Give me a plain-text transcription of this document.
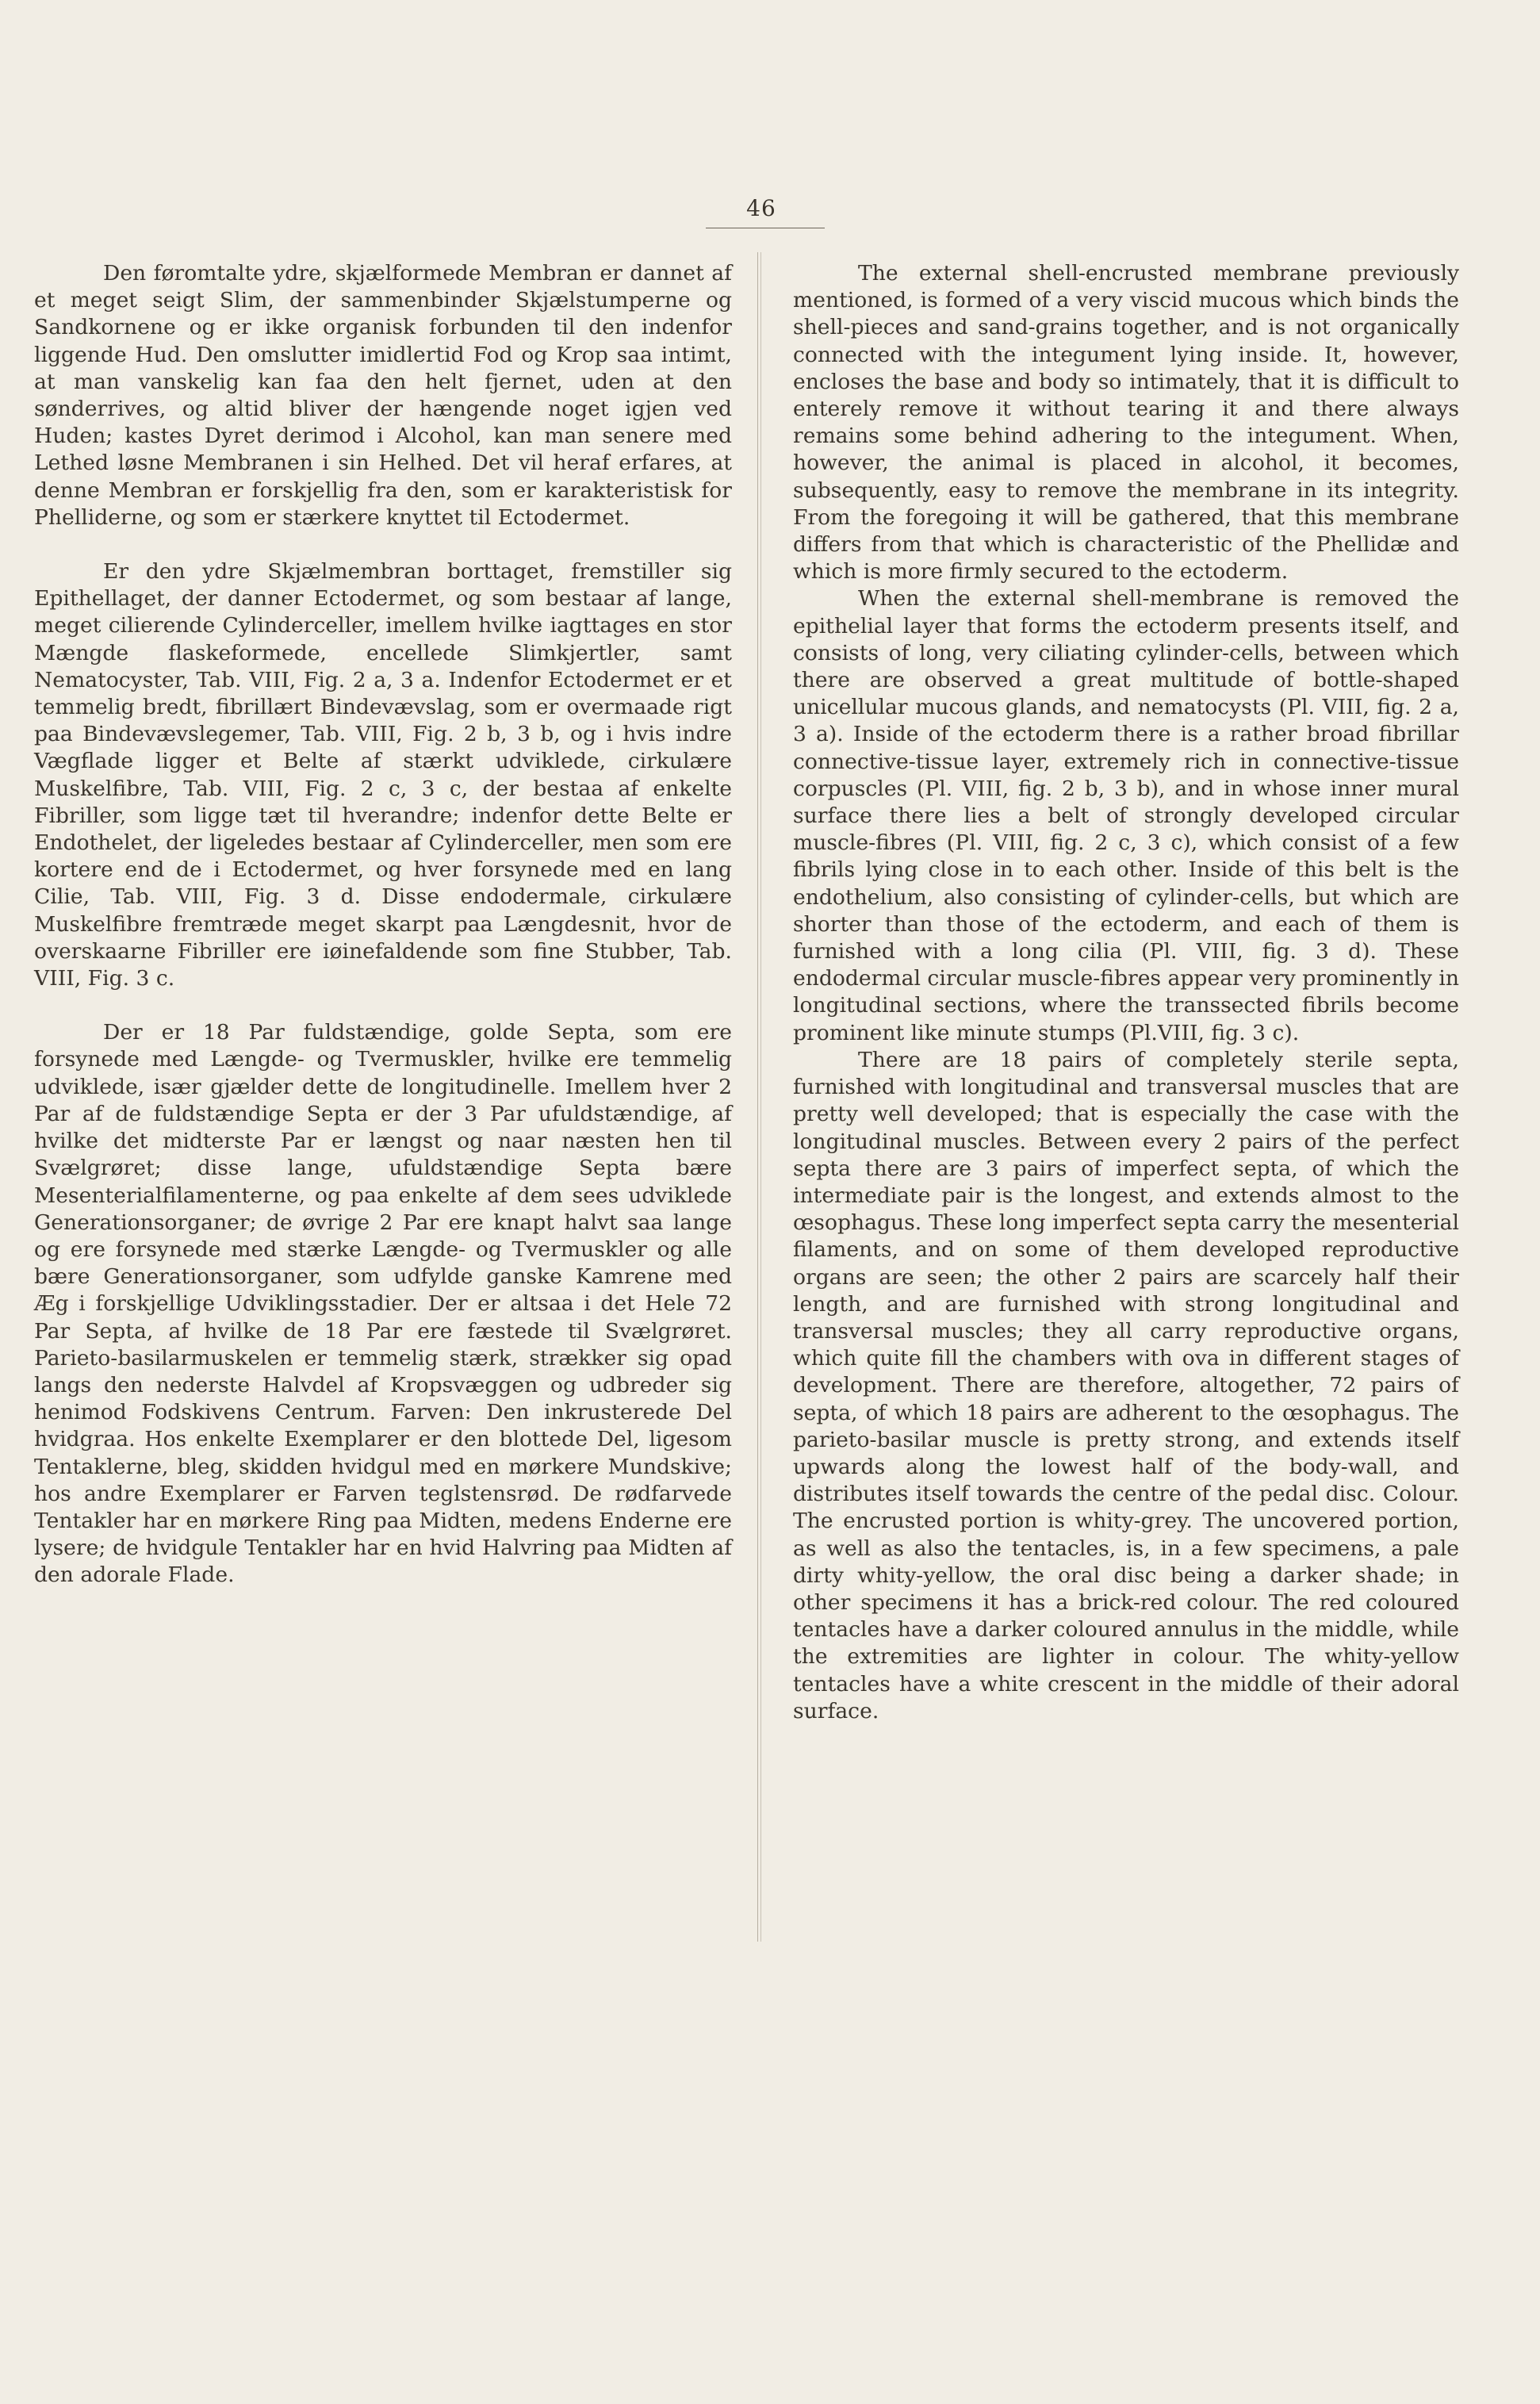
46

Den føromtalte ydre, skjælformede Membran er dannet af et meget seigt Slim, der sammenbinder Skjælstumperne og Sandkornene og er ikke organisk forbunden til den indenfor liggende Hud. Den omslutter imidlertid Fod og Krop saa intimt, at man vanskelig kan faa den helt fjernet, uden at den sønderrives, og altid bliver der hængende noget igjen ved Huden; kastes Dyret derimod i Alcohol, kan man senere med Lethed løsne Membranen i sin Helhed. Det vil heraf erfares, at denne Membran er forskjellig fra den, som er karakteristisk for Phelliderne, og som er stærkere knyttet til Ectodermet.

Er den ydre Skjælmembran borttaget, fremstiller sig Epithellaget, der danner Ectodermet, og som bestaar af lange, meget cilierende Cylinderceller, imellem hvilke iagttages en stor Mængde flaskeformede, encellede Slimkjertler, samt Nematocyster, Tab. VIII, Fig. 2 a, 3 a. Indenfor Ectodermet er et temmelig bredt, fibrillært Bindevævslag, som er overmaade rigt paa Bindevævslegemer, Tab. VIII, Fig. 2 b, 3 b, og i hvis indre Vægflade ligger et Belte af stærkt udviklede, cirkulære Muskelfibre, Tab. VIII, Fig. 2 c, 3 c, der bestaa af enkelte Fibriller, som ligge tæt til hverandre; indenfor dette Belte er Endothelet, der ligeledes bestaar af Cylinderceller, men som ere kortere end de i Ectodermet, og hver forsynede med en lang Cilie, Tab. VIII, Fig. 3 d. Disse endodermale, cirkulære Muskelfibre fremtræde meget skarpt paa Længdesnit, hvor de overskaarne Fibriller ere iøinefaldende som fine Stubber, Tab. VIII, Fig. 3 c.

Der er 18 Par fuldstændige, golde Septa, som ere forsynede med Længde- og Tvermuskler, hvilke ere temmelig udviklede, især gjælder dette de longitudinelle. Imellem hver 2 Par af de fuldstændige Septa er der 3 Par ufuldstændige, af hvilke det midterste Par er længst og naar næsten hen til Svælgrøret; disse lange, ufuldstændige Septa bære Mesenterialfilamenterne, og paa enkelte af dem sees udviklede Generationsorganer; de øvrige 2 Par ere knapt halvt saa lange og ere forsynede med stærke Længde- og Tvermuskler og alle bære Generationsorganer, som udfylde ganske Kamrene med Æg i forskjellige Udviklingsstadier. Der er altsaa i det Hele 72 Par Septa, af hvilke de 18 Par ere fæstede til Svælgrøret. Parieto-basilarmuskelen er temmelig stærk, strækker sig opad langs den nederste Halvdel af Kropsvæggen og udbreder sig henimod Fodskivens Centrum. Farven: Den inkrusterede Del hvidgraa. Hos enkelte Exemplarer er den blottede Del, ligesom Tentaklerne, bleg, skidden hvidgul med en mørkere Mundskive; hos andre Exemplarer er Farven teglstensrød. De rødfarvede Tentakler har en mørkere Ring paa Midten, medens Enderne ere lysere; de hvidgule Tentakler har en hvid Halvring paa Midten af den adorale Flade.

The external shell-encrusted membrane previously mentioned, is formed of a very viscid mucous which binds the shell-pieces and sand-grains together, and is not organically connected with the integument lying inside. It, however, encloses the base and body so intimately, that it is difficult to enterely remove it without tearing it and there always remains some behind adhering to the integument. When, however, the animal is placed in alcohol, it becomes, subsequently, easy to remove the membrane in its integrity. From the foregoing it will be gathered, that this membrane differs from that which is characteristic of the Phellidæ and which is more firmly secured to the ectoderm.

When the external shell-membrane is removed the epithelial layer that forms the ectoderm presents itself, and consists of long, very ciliating cylinder-cells, between which there are observed a great multitude of bottle-shaped unicellular mucous glands, and nematocysts (Pl. VIII, fig. 2 a, 3 a). Inside of the ectoderm there is a rather broad fibrillar connective-tissue layer, extremely rich in connective-tissue corpuscles (Pl. VIII, fig. 2 b, 3 b), and in whose inner mural surface there lies a belt of strongly developed circular muscle-fibres (Pl. VIII, fig. 2 c, 3 c), which consist of a few fibrils lying close in to each other. Inside of this belt is the endothelium, also consisting of cylinder-cells, but which are shorter than those of the ectoderm, and each of them is furnished with a long cilia (Pl. VIII, fig. 3 d). These endodermal circular muscle-fibres appear very prominently in longitudinal sections, where the transsected fibrils become prominent like minute stumps (Pl.VIII, fig. 3 c).

There are 18 pairs of completely sterile septa, furnished with longitudinal and transversal muscles that are pretty well developed; that is especially the case with the longitudinal muscles. Between every 2 pairs of the perfect septa there are 3 pairs of imperfect septa, of which the intermediate pair is the longest, and extends almost to the œsophagus. These long imperfect septa carry the mesenterial filaments, and on some of them developed reproductive organs are seen; the other 2 pairs are scarcely half their length, and are furnished with strong longitudinal and transversal muscles; they all carry reproductive organs, which quite fill the chambers with ova in different stages of development. There are therefore, altogether, 72 pairs of septa, of which 18 pairs are adherent to the œsophagus. The parieto-basilar muscle is pretty strong, and extends itself upwards along the lowest half of the body-wall, and distributes itself towards the centre of the pedal disc. Colour. The encrusted portion is whity-grey. The uncovered portion, as well as also the tentacles, is, in a few specimens, a pale dirty whity-yellow, the oral disc being a darker shade; in other specimens it has a brick-red colour. The red coloured tentacles have a darker coloured annulus in the middle, while the extremities are lighter in colour. The whity-yellow tentacles have a white crescent in the middle of their adoral surface.
